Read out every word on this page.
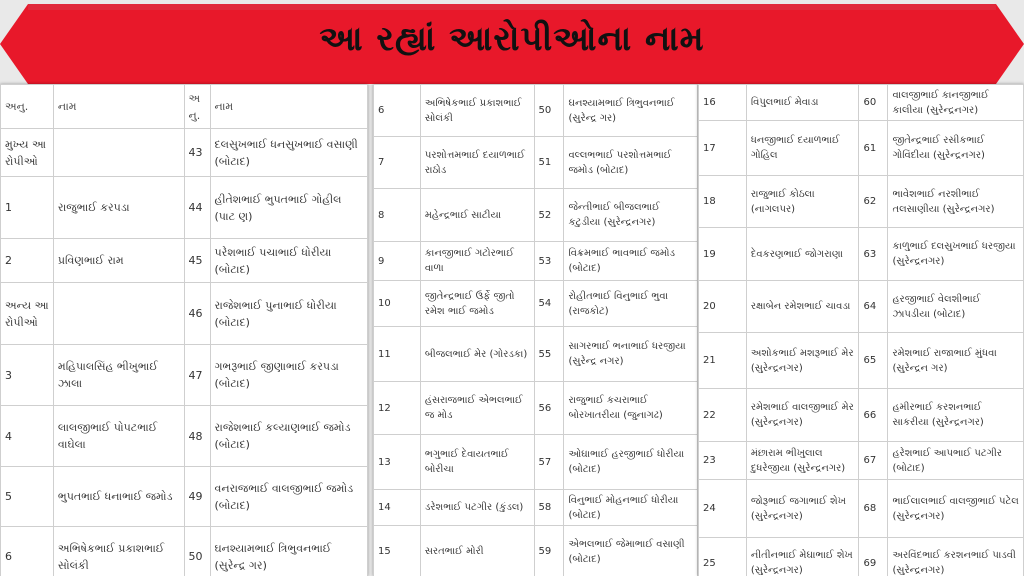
આ રહ્યાં આરોપીઓના નામ
અનુ.	નામ	અ નુ.	નામ
મુખ્ય આ રોપીઓ		43	દલસુખભાઈ ધનસુખભાઈ વસાણી (બોટાદ)
1	રાજુભાઈ કરપડા	44	હીતેશભાઈ ભુપતભાઈ ગોહીલ (પાટ ણ)
2	પ્રવિણભાઈ રામ	45	પરેશભાઈ પચાભાઈ ધોરીયા (બોટાદ)
અન્ય આ રોપીઓ		46	રાજેશભાઈ પુનાભાઈ ધોરીયા (બોટાદ)
3	મહિપાલસિંહ ભીખુભાઈ ઝાલા	47	ગભરૂભાઈ જીણાભાઈ કરપડા (બોટાદ)
4	લાલજીભાઈ પોપટભાઈ વાઘેલા	48	રાજેશભાઈ કલ્યાણભાઈ જમોડ (બોટાદ)
5	ભુપતભાઈ ધનાભાઈ જમોડ	49	વનરાજભાઈ વાલજીભાઈ જમોડ (બોટાદ)
6	અભિષેકભાઈ પ્રકાશભાઈ સોલંકી	50	ઘનશ્યામભાઈ ત્રિભુવનભાઈ (સુરેન્દ્ર ગર)
6	અભિષેકભાઈ પ્રકાશભાઈ સોલંકી	50	ઘનશ્યામભાઈ ત્રિભુવનભાઈ (સુરેન્દ્ર ગર)
7	પરશોત્તમભાઈ દયાળભાઈ રાઠોડ	51	વલ્લભભાઈ પરશોત્તમભાઈ જમોડ (બોટાદ)
8	મહેન્દ્રભાઈ સાટીયા	52	જેન્તીભાઈ બીજલભાઈ કટુડીયા (સુરેન્દ્રનગર)
9	કાનજીભાઈ ગટોરભાઈ વાળા	53	વિક્રમભાઈ ભાવભાઈ જમોડ (બોટાદ)
10	જીતેન્દ્રભાઈ ઉર્ફે જીતો રમેશ ભાઈ જમોડ	54	રોહીતભાઈ વિનુભાઈ ભુવા (રાજકોટ)
11	બીજલભાઈ મેર (ગોરડકા)	55	સાગરભાઈ ભનાભાઈ ધરજીયા (સુરેન્દ્ર નગર)
12	હંસરાજભાઈ એભલભાઈ જ મોડ	56	રાજુભાઈ કચરાભાઈ બોરખાતરીયા (જુનાગઢ)
13	ભગુભાઈ દેવાયતભાઈ બોરીચા	57	ઓઘાભાઈ હરજીભાઈ ધોરીયા (બોટાદ)
14	ડરેશભાઈ પટગીર (કુંડલ)	58	વિનુભાઈ મોહનભાઈ ધોરીયા (બોટાદ)
15	સરતભાઈ મોરી	59	એભલભાઈ જેમાભાઈ વસાણી (બોટાદ)
16	વિપુલભાઈ મેવાડા	60	વાલજીભાઈ કાનજીભાઈ કાલીયા (સુરેન્દ્રનગર)
17	ધનજીભાઈ દયાળભાઈ ગોહિલ	61	જીતેન્દ્રભાઈ રસીકભાઈ ગોવિંદીયા (સુરેન્દ્રનગર)
18	રાજુભાઈ કોઠલા (નાગલપર)	62	ભાવેશભાઈ નરશીભાઈ તલસાણીયા (સુરેન્દ્રનગર)
19	દેવકરણભાઈ જોગરાણા	63	કાળુભાઈ દલસુખભાઈ ધરજીયા (સુરેન્દ્રનગર)
20	રક્ષાબેન રમેશભાઈ ચાવડા	64	હરજીભાઈ વેલશીભાઈ ઝાપડીયા (બોટાદ)
21	અશોકભાઈ મશરૂભાઈ મેર (સુરેન્દ્રનગર)	65	રમેશભાઈ રાજાભાઈ મુંધવા (સુરેન્દ્રન ગર)
22	રમેશભાઈ વાલજીભાઈ મેર (સુરેન્દ્રનગર)	66	હમીરભાઈ કરશનભાઈ સાકરીયા (સુરેન્દ્રનગર)
23	મંછારામ ભીખુલાલ દુધરેજીયા (સુરેન્દ્રનગર)	67	હરેશભાઈ આપભાઈ પટગીર (બોટાદ)
24	જોરૂભાઈ જગાભાઈ શેખ (સુરેન્દ્રનગર)	68	ભાઈલાલભાઈ વાલજીભાઈ પટેલ (સુરેન્દ્રનગર)
25	નીતીનભાઈ મેઘાભાઈ શેખ (સુરેન્દ્રનગર)	69	અરવિંદભાઈ કરશનભાઈ પાડવી (સુરેન્દ્રનગર)
